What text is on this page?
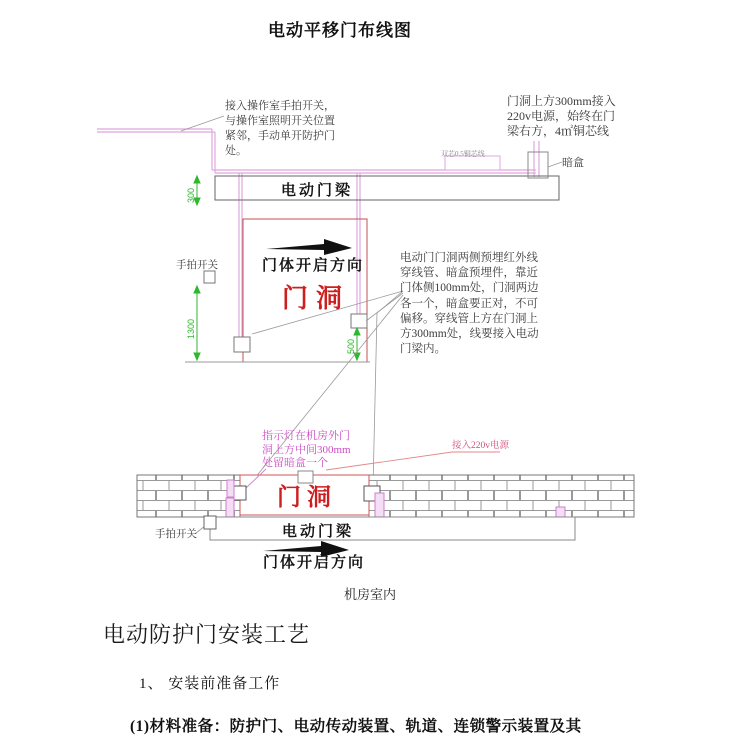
电动平移门布线图
接入操作室手拍开关，与操作室照明开关位置紧邻，手动单开防护门处。
门洞上方300mm接入220v电源，始终在门梁右方，4㎡铜芯线
双芯0.5铜芯线
暗盒
电动门门洞两侧预埋红外线穿线管、暗盒预埋件，靠近门体侧100mm处，门洞两边各一个，暗盒要正对，不可偏移。穿线管上方在门洞上方300mm处，线要接入电动门梁内。
手拍开关
电动门梁
门体开启方向
门洞
300
1300
500
指示灯在机房外门洞上方中间300mm处留暗盒一个
接入220v电源
门洞
电动门梁
门体开启方向
手拍开关
机房室内
电动防护门安装工艺
1、 安装前准备工作
(1)材料准备：防护门、电动传动装置、轨道、连锁警示装置及其
